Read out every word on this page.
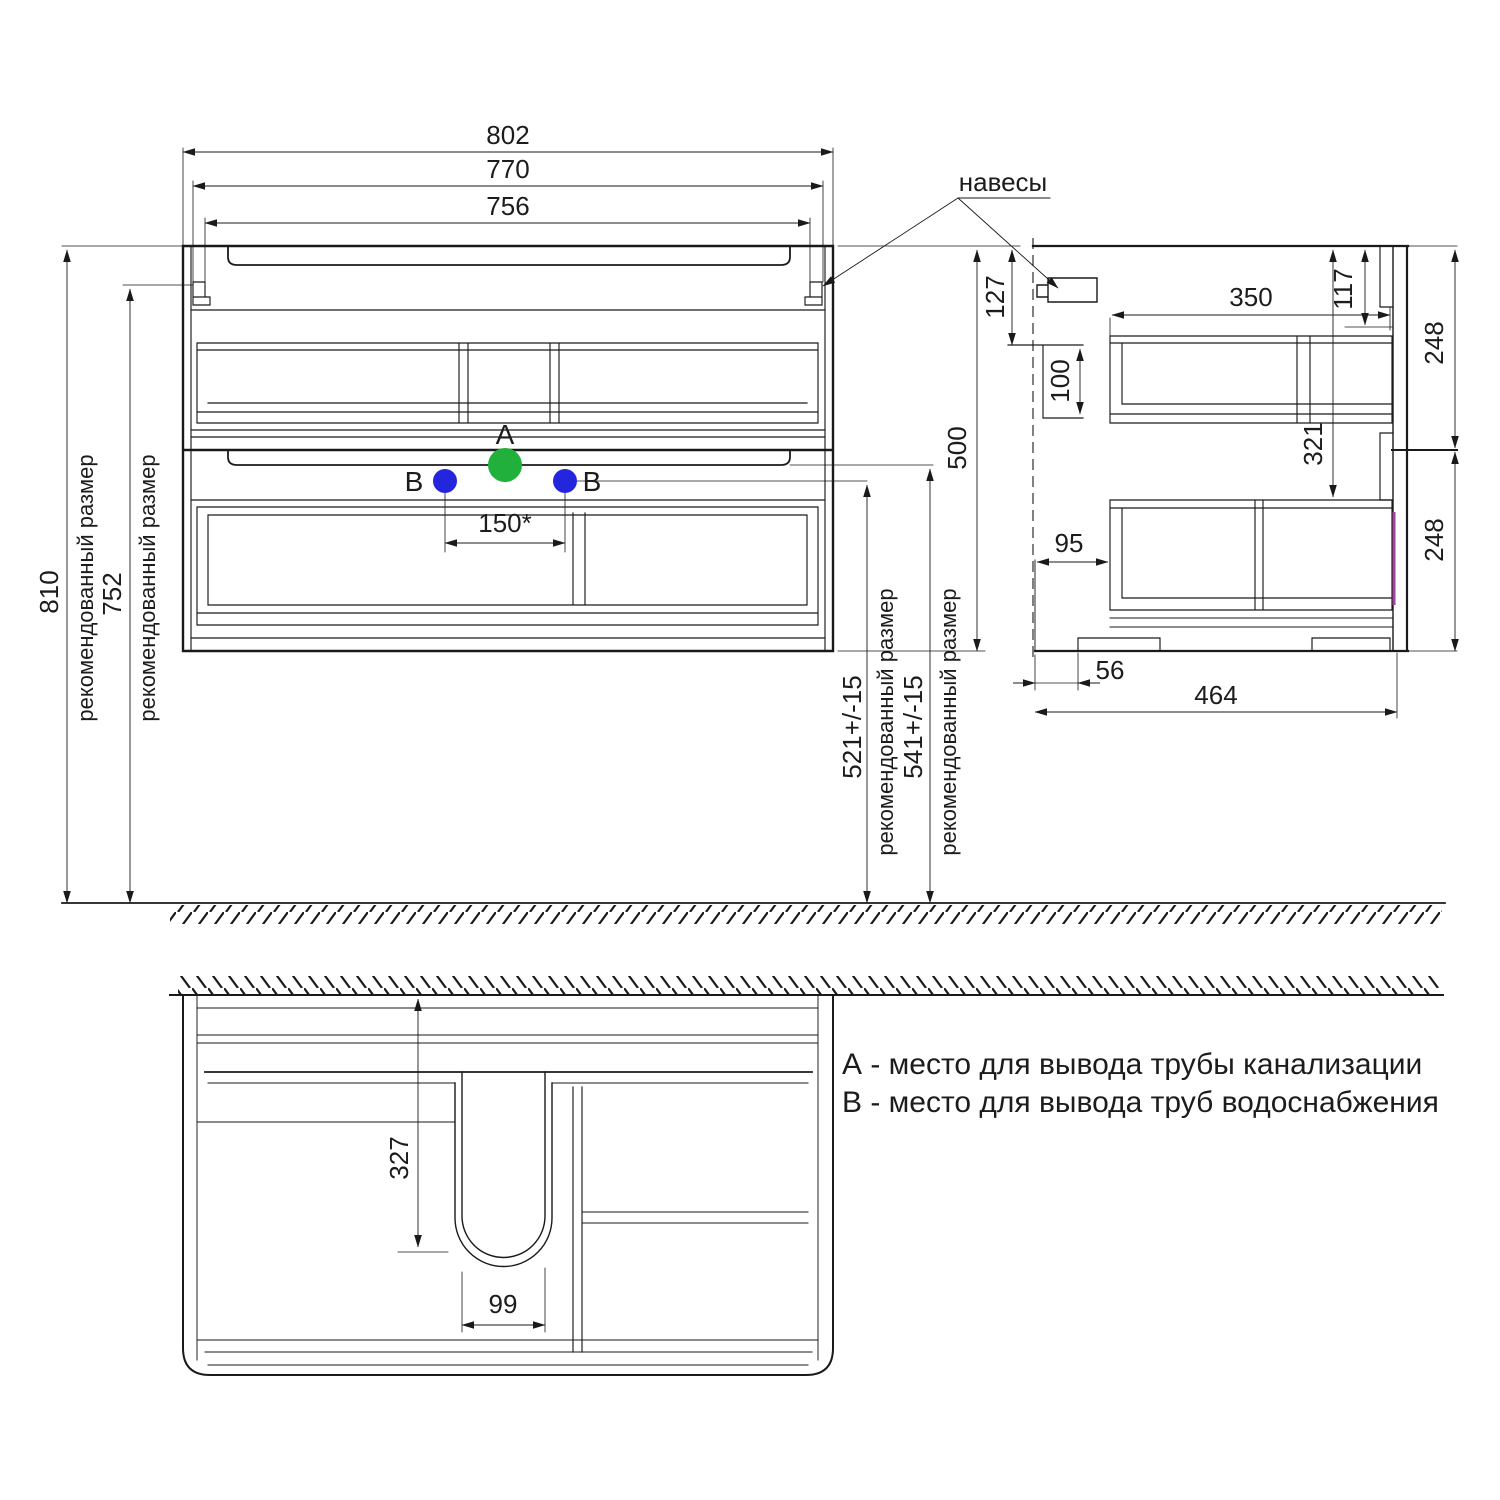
A
B	B
802
770
756
150*
810 рекомендованный размер 752 рекомендованный размер
521+/-15 рекомендованный размер 541+/-15 рекомендованный размер
500
127
навесы
350 117
321
100
95
56
464
248
248
327
99
А - место для вывода трубы канализации
В - место для вывода труб водоснабжения
